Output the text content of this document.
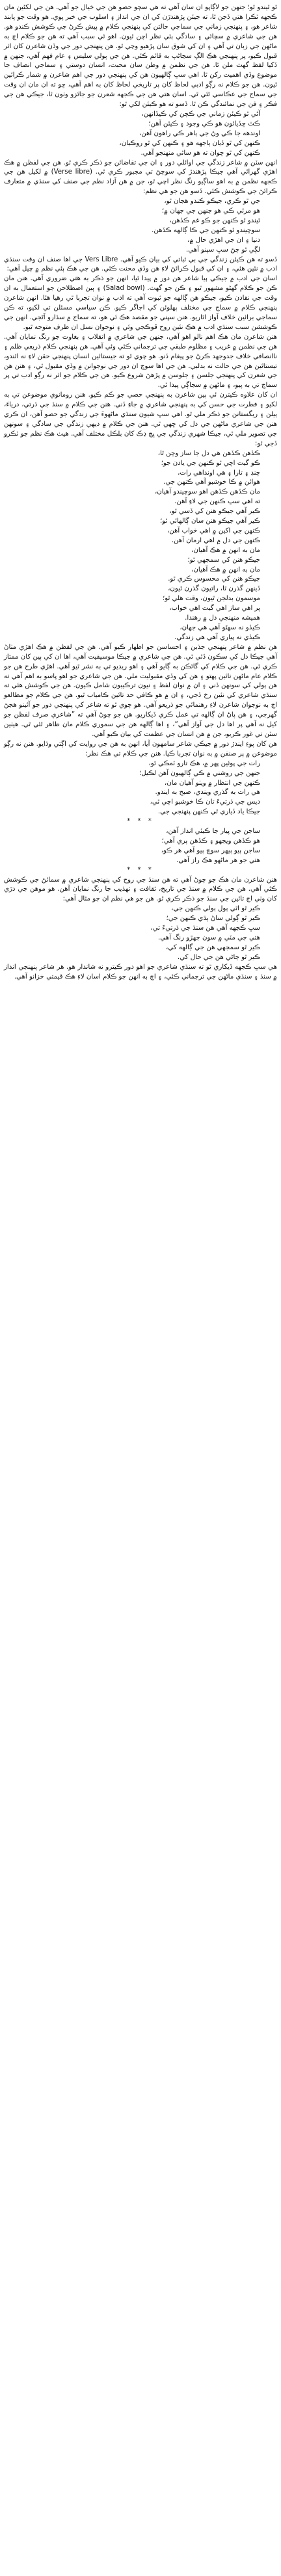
ٿو ٿيندو ٿو؛ جنهن جو لاڳاپو ان سان آهي ته هي سڄو حصو هن جي خيال جو آهي. هن جي لکڻين مان ڪجهه ٽڪرا هتي ڏجن ٿا، ته جيئن پڙهندڙن کي ان جي انداز ۽ اسلوب جي خبر پوي. هو وقت جو پابند شاعر هو، ۽ پنهنجي زماني جي سماجي حالتن کي پنهنجي ڪلام ۾ پيش ڪرڻ جي ڪوشش ڪندو هو. هن جي شاعري ۾ سچائي ۽ سادگي ٻئي نظر اچن ٿيون. اهو ئي سبب آهي ته هن جو ڪلام اڄ به ماڻهن جي زبان تي آهي ۽ ان کي شوق سان پڙهيو وڃي ٿو. هن پنهنجي دور جي وڏن شاعرن کان اثر قبول ڪيو، پر پنهنجي هڪ الڳ سڃاڻپ به قائم ڪئي. هن جي ٻولي سليس ۽ عام فهم آهي، جنهن ۾ ڏکيا لفظ گهٽ ملن ٿا. هن جي نظمن ۾ وطن سان محبت، انسان دوستي ۽ سماجي انصاف جا موضوع وڏي اهميت رکن ٿا. اهي سڀ ڳالهيون هن کي پنهنجي دور جي اهم شاعرن ۾ شمار ڪرائين ٿيون. هن جو ڪلام نه رڳو ادبي لحاظ کان پر تاريخي لحاظ کان به اهم آهي، ڇو ته ان مان ان وقت جي سماج جي عڪاسي ٿئي ٿي. اسان هتي هن جي ڪجهه شعرن جو جائزو وٺون ٿا، جيڪي هن جي فڪر ۽ فن جي نمائندگي ڪن ٿا. ڏسو ته هو ڪيئن لکي ٿو:

آڻي ٿو ڪيئن زماني جي ڪچن کي ڪيڏانهن،
ڪٿ ڇڏيائون هو ڪي وجود ۽ ڪيئن آهن؛
اوندهه جا ڪي وڻ جي ٻاهر ڪي راهون آهن،
ڪنهن کي ٿو ڏيان ٻاجهه هو ۽ ڪنهن کي ٿو روڪيان،
ڪنهن کي ٿو چوان ته هو ساٿي منهنجو آهي.

انهن سٽن ۾ شاعر زندگي جي اوائلي دور ۽ ان جي تقاضائن جو ذڪر ڪري ٿو. هن جي لفظن ۾ هڪ اهڙي گهرائي آهي جيڪا پڙهندڙ کي سوچڻ تي مجبور ڪري ٿي. (Verse libre) ۾ لکيل هن جي ڪجهه نظمن ۾ به اهو ساڳيو رنگ نظر اچي ٿو، جن ۾ هن آزاد نظم جي صنف کي سنڌي ۾ متعارف ڪرائڻ جي ڪوشش ڪئي. ڏسو هن جو هي نظم:

جي ٿو ڪري، جيڪو ڪندو هجان ٿو،
هو مرئي ڪي هو جنهن جي جهان ۾؛
ٿيندو ٿو ڪنهن جو ڪو غم ڪڏهن،
سوچيندو ٿو ڪنهن جي ڪا ڳالهه ڪڏهن.
دنيا ۽ ان جي اهڙي حال ۾،
لڳي ٿو ڄڻ سڀ سپنو آهي.

ڏسو ته هن ڪيئن زندگي جي بي ثباتي کي بيان ڪيو آهي. Vers Libre جي اها صنف ان وقت سنڌي ادب ۾ نئين هئي، ۽ ان کي قبول ڪرائڻ لاءِ هن وڏي محنت ڪئي. هن جي هڪ ٻئي نظم ۾ چيل آهي:

اسان جي ادب ۾ جيڪي ٻيا شاعر هن دور ۾ پيدا ٿيا، انهن جو ذڪر به هتي ضروري آهي. هنن مان ڪن جو ڪلام گهڻو مشهور ٿيو ۽ ڪن جو گهٽ. (Salad bowl) ۽ ٻين اصطلاحن جو استعمال به ان وقت جي نقادن ڪيو، جيڪو هن ڳالهه جو ثبوت آهي ته ادب ۾ نوان تجربا ٿي رهيا هئا. انهن شاعرن پنهنجي ڪلام ۾ سماج جي مختلف پهلوئن کي اجاگر ڪيو. ڪن سياسي مسئلن تي لکيو، ته ڪن سماجي برائين خلاف آواز اٿاريو. هنن سڀني جو مقصد هڪ ئي هو، ته سماج ۾ سڌارو آڻجي. انهن جي ڪوششن سبب سنڌي ادب ۾ هڪ نئين روح ڦوڪجي وئي ۽ نوجوان نسل ان طرف متوجه ٿيو.

هنن شاعرن مان هڪ اهم نالو اهو آهي، جنهن جي شاعري ۾ انقلاب ۽ بغاوت جو رنگ نمايان آهي. هن جي نظمن ۾ غريب ۽ مظلوم طبقي جي ترجماني ڪئي وئي آهي. هن پنهنجي ڪلام ذريعي ظلم ۽ ناانصافي خلاف جدوجهد ڪرڻ جو پيغام ڏنو. هو چوي ٿو ته جيستائين انسان پنهنجي حقن لاءِ نه اٿندو، تيستائين هن جي حالت نه بدلبي. هن جي اها سوچ ان دور جي نوجوانن ۾ وڏي مقبول ٿي، ۽ هنن هن جي شعرن کي پنهنجي جلسن ۽ جلوسن ۾ پڙهڻ شروع ڪيو. هن جي ڪلام جو اثر نه رڳو ادب تي پر سماج تي به پيو، ۽ ماڻهن ۾ سجاڳي پيدا ٿي.

ان کان علاوه ڪيترن ئي ٻين شاعرن به پنهنجي حصي جو ڪم ڪيو. هنن رومانوي موضوعن تي به لکيو ۽ فطرت جي حسن کي به پنهنجي شاعري ۾ جاءِ ڏني. هنن جي ڪلام ۾ سنڌ جي ڌرتي، درياءَ، ٻيلن ۽ ريگستانن جو ذڪر ملي ٿو. اهي سڀ شيون سنڌي ماڻهوءَ جي زندگي جو حصو آهن، ان ڪري هنن جي شاعري ماڻهن جي دل کي ڇهي ٿي. هنن جي ڪلام ۾ ديهي زندگي جي سادگي ۽ سونهن جي تصوير ملي ٿي، جيڪا شهري زندگي جي ڀڄ ڊڪ کان بلڪل مختلف آهي. هيٺ هڪ نظم جو ٽڪرو ڏجي ٿو:

ڪڏهن ڪڏهن هي دل جا ساز وڄن ٿا،
ڪو گيت اچي ٿو ڪنهن جي يادن جو؛
چنڊ ۽ تارا ۽ هي اونداهي رات،
هوائن ۾ ڪا خوشبو آهي ڪنهن جي.
مان ڪڏهن ڪڏهن اهو سوچيندو آهيان،
ته اهي سڀ ڪنهن جي لاءِ آهن.
ڪير آهي جيڪو هنن کي ڏسي ٿو،
ڪير آهي جيڪو هنن سان ڳالهائي ٿو؛
ڪنهن جي اکين ۾ اهي خواب آهن،
ڪنهن جي دل ۾ اهي ارمان آهن.
مان به انهن ۾ هڪ آهيان،
جيڪو هنن کي سمجهي ٿو؛
مان به انهن ۾ هڪ آهيان،
جيڪو هنن کي محسوس ڪري ٿو.
ڏينهن گذرن ٿا، راتيون گذرن ٿيون،
موسمون بدلجن ٿيون، وقت هلي ٿو؛
پر اهي ساز اهي گيت اهي خواب،
هميشه منهنجي دل ۾ رهندا.
ڪيڏو نه سهڻو آهي هي جهان،
ڪيڏي نه پياري آهي هي زندگي.

هن نظم ۾ شاعر پنهنجي جذبن ۽ احساسن جو اظهار ڪيو آهي. هن جي لفظن ۾ هڪ اهڙي مٺاڻ آهي جيڪا دل کي سڪون ڏئي ٿي. هن جي شاعري ۾ جيڪا موسيقيت آهي، اها ان کي ٻين کان ممتاز ڪري ٿي. هن جي ڪلام کي گائڪن به ڳايو آهي ۽ اهو ريڊيو تي به نشر ٿيو آهي. اهڙي طرح هن جو ڪلام عام ماڻهن تائين پهتو ۽ هن کي وڏي مقبوليت ملي. هن جي شاعري جو اهو پاسو به اهم آهي ته هن ٻولي کي سونهن ڏني ۽ ان ۾ نوان لفظ ۽ نيون ترڪيبون شامل ڪيون. هن جي ڪوشش هئي ته سنڌي شاعري کي نئين رخ ڏجي، ۽ ان ۾ هو ڪافي حد تائين ڪامياب ٿيو. هن جي ڪلام جو مطالعو اڄ به نوجوان شاعرن لاءِ رهنمائي جو ذريعو آهي. هو چوي ٿو ته شاعر کي پنهنجي دور جو آئينو هجڻ گهرجي، ۽ هن پاڻ ان ڳالهه تي عمل ڪري ڏيکاريو. هن جو چوڻ آهي ته ”شاعري صرف لفظن جو کيل نه آهي پر اها دل جي آواز آهي“، ۽ اها ڳالهه هن جي سموري ڪلام مان ظاهر ٿئي ٿي. هيٺين سٽن تي غور ڪريو، جن ۾ هن انسان جي عظمت کي بيان ڪيو آهي.

هن کان پوءِ ايندڙ دور ۾ جيڪي شاعر سامهون آيا، انهن به هن جي روايت کي اڳتي وڌايو. هنن نه رڳو موضوعن ۾ پر صنفن ۾ به نوان تجربا ڪيا. هنن جي ڪلام تي هڪ نظر:

رات جي پوئين پهر ۾، هڪ تارو ٽمڪي ٿو،
جنهن جي روشني ۾ ڪي ڳالهيون آهن لڪيل؛
ڪنهن جي انتظار ۾ ويٺو آهيان مان،
هي رات به گذري ويندي، صبح به ايندو.
ديس جي ڌرتيءَ تان ڪا خوشبو اچي ٿي،
جيڪا ياد ڏياري ٿي ڪنهن پنهنجي جي.
* * *
ساجن جي پيار جا ڪيئي انداز آهن،
هو ڪڏهن ويجهو ۽ ڪڏهن پري آهي؛
ساجن ٻيو ٻيهر سوچ ٻيو آهي هر ڪو،
هتي جو هر ماڻهو هڪ راز آهي.
* * *

هنن شاعرن مان هڪ جو چوڻ آهي ته هن سنڌ جي روح کي پنهنجي شاعري ۾ سمائڻ جي ڪوشش ڪئي آهي. هن جي ڪلام ۾ سنڌ جي تاريخ، ثقافت ۽ تهذيب جا رنگ نمايان آهن. هو موهن جي دڙي کان وٺي اڄ تائين جي سنڌ جو ذڪر ڪري ٿو. هن جو هي نظم ان جو مثال آهي:

ڪير ٿو اٿي ٻول ٻولي ڪنهن جي،
ڪير ٿو ڳولي ساڻ ٻڌي ڪنهن جي؛
سڀ ڪجهه آهي هن سنڌ جي ڌرتيءَ تي،
هتي جي مٽي ۾ سون جهڙو رنگ آهي.
ڪير ٿو سمجهي هن جي ڳالهه کي،
ڪير ٿو ڄاڻي هن جي حال کي.

هي سڀ ڪجهه ڏيکاري ٿو ته سنڌي شاعري جو اهو دور ڪيترو نه شاندار هو. هر شاعر پنهنجي انداز ۾ سنڌ ۽ سنڌي ماڻهن جي ترجماني ڪئي، ۽ اڄ به انهن جو ڪلام اسان لاءِ هڪ قيمتي خزانو آهي.
